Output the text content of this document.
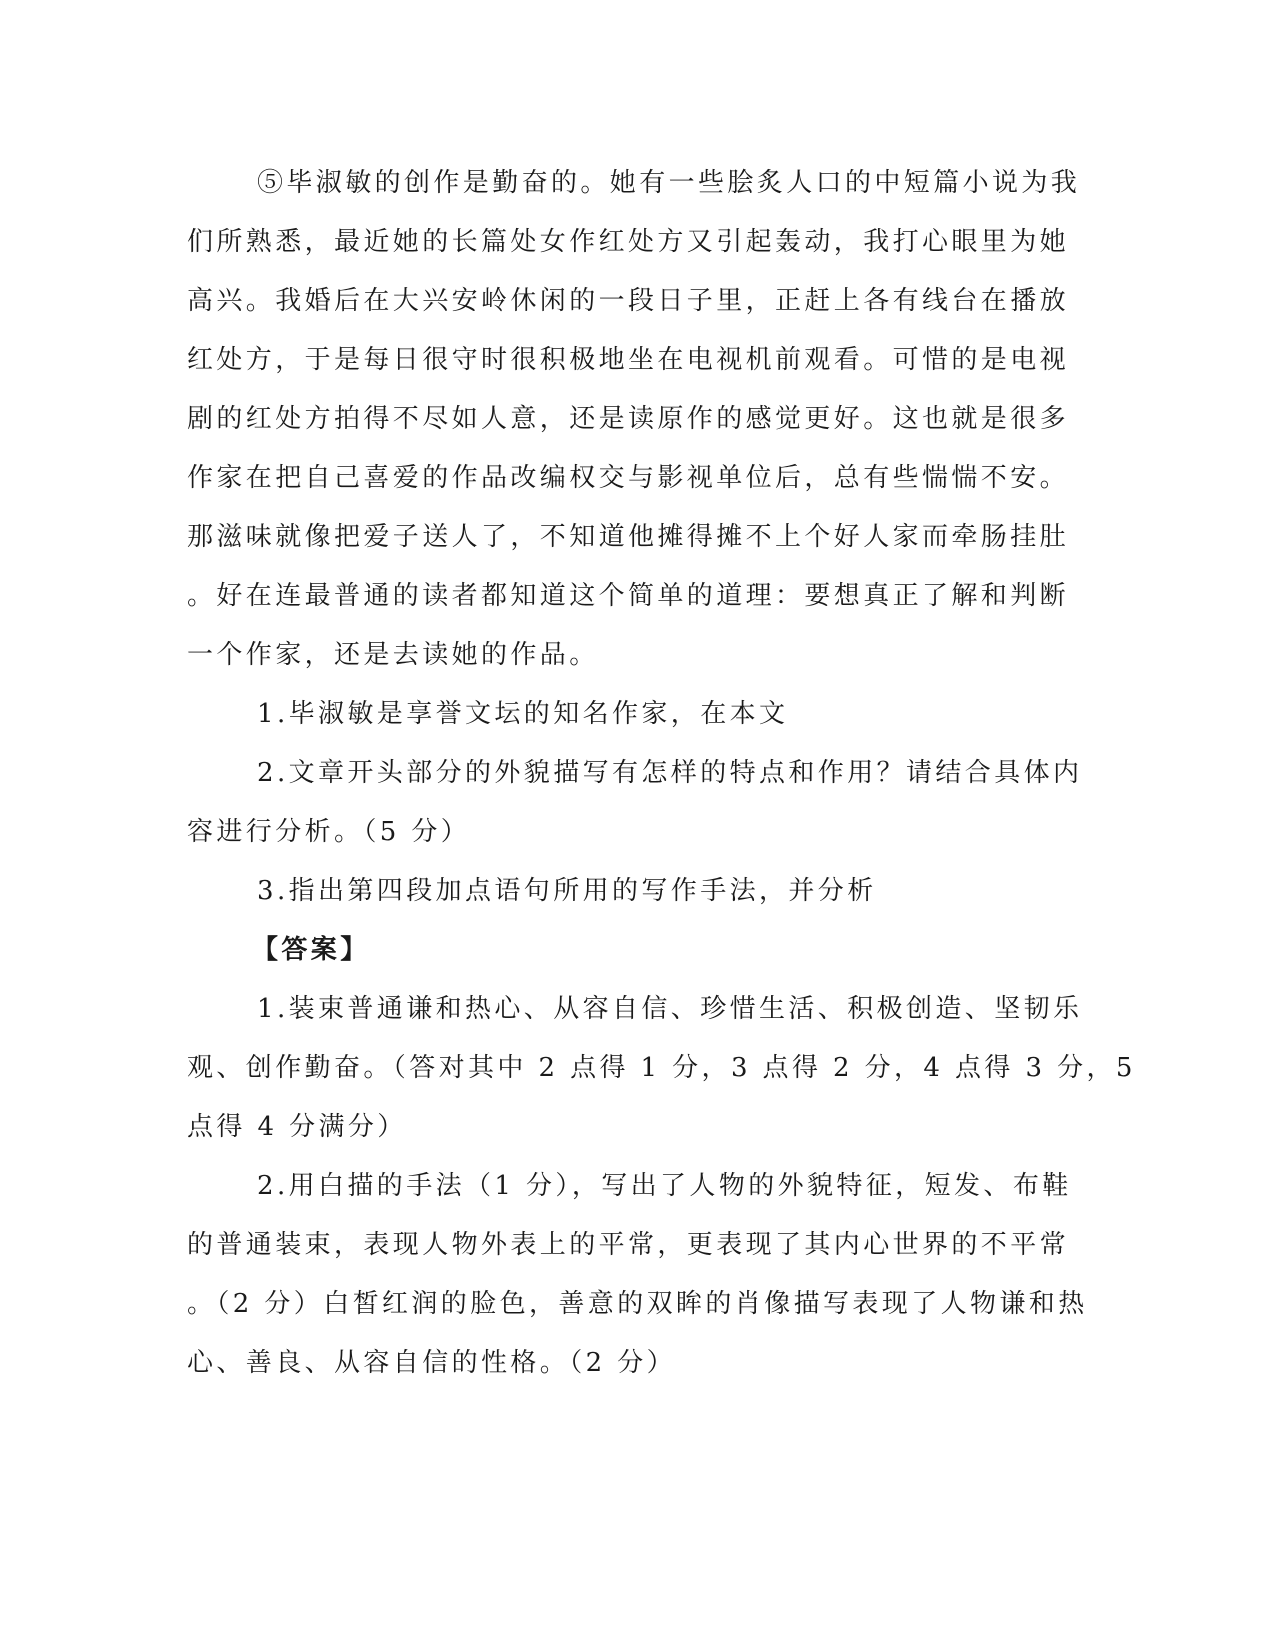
⑤毕淑敏的创作是勤奋的。她有一些脍炙人口的中短篇小说为我
们所熟悉，最近她的长篇处女作红处方又引起轰动，我打心眼里为她
高兴。我婚后在大兴安岭休闲的一段日子里，正赶上各有线台在播放
红处方，于是每日很守时很积极地坐在电视机前观看。可惜的是电视
剧的红处方拍得不尽如人意，还是读原作的感觉更好。这也就是很多
作家在把自己喜爱的作品改编权交与影视单位后，总有些惴惴不安。
那滋味就像把爱子送人了，不知道他摊得摊不上个好人家而牵肠挂肚
。好在连最普通的读者都知道这个简单的道理：要想真正了解和判断
一个作家，还是去读她的作品。
1.毕淑敏是享誉文坛的知名作家，在本文
2.文章开头部分的外貌描写有怎样的特点和作用？请结合具体内
容进行分析。（5 分）
3.指出第四段加点语句所用的写作手法，并分析
【答案】
1.装束普通谦和热心、从容自信、珍惜生活、积极创造、坚韧乐
观、创作勤奋。（答对其中 2 点得 1 分，3 点得 2 分，4 点得 3 分，5
点得 4 分满分）
2.用白描的手法（1 分），写出了人物的外貌特征，短发、布鞋
的普通装束，表现人物外表上的平常，更表现了其内心世界的不平常
。（2 分）白皙红润的脸色，善意的双眸的肖像描写表现了人物谦和热
心、善良、从容自信的性格。（2 分）
